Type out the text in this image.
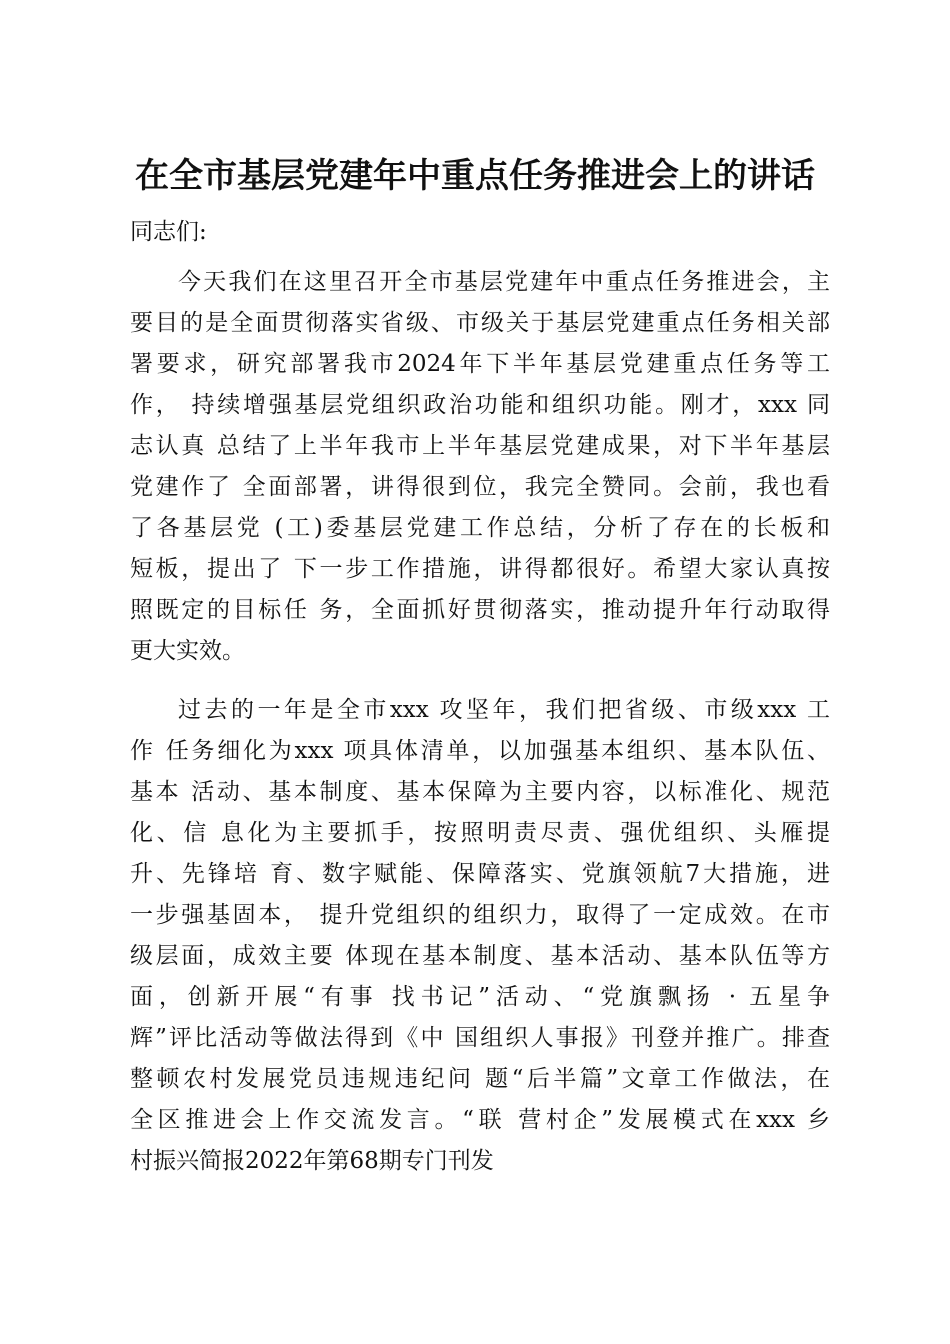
在全市基层党建年中重点任务推进会上的讲话
同志们:
今天我们在这里召开全市基层党建年中重点任务推进会，主
要目的是全面贯彻落实省级、市级关于基层党建重点任务相关部
署要求，研究部署我市2024年下半年基层党建重点任务等工
作， 持续增强基层党组织政治功能和组织功能。刚才，xxx 同
志认真 总结了上半年我市上半年基层党建成果，对下半年基层
党建作了 全面部署，讲得很到位，我完全赞同。会前，我也看
了各基层党 (工)委基层党建工作总结，分析了存在的长板和
短板，提出了 下一步工作措施，讲得都很好。希望大家认真按
照既定的目标任 务，全面抓好贯彻落实，推动提升年行动取得
更大实效。
过去的一年是全市xxx 攻坚年，我们把省级、市级xxx 工
作 任务细化为xxx 项具体清单，以加强基本组织、基本队伍、
基本 活动、基本制度、基本保障为主要内容，以标准化、规范
化、信 息化为主要抓手，按照明责尽责、强优组织、头雁提
升、先锋培 育、数字赋能、保障落实、党旗领航7大措施，进
一步强基固本， 提升党组织的组织力，取得了一定成效。在市
级层面，成效主要 体现在基本制度、基本活动、基本队伍等方
面，创新开展“有事 找书记”活动、“党旗飘扬 · 五星争
辉”评比活动等做法得到《中 国组织人事报》刊登并推广。排查
整顿农村发展党员违规违纪问 题“后半篇”文章工作做法，在
全区推进会上作交流发言。“联 营村企”发展模式在xxx 乡
村振兴简报2022年第68期专门刊发
